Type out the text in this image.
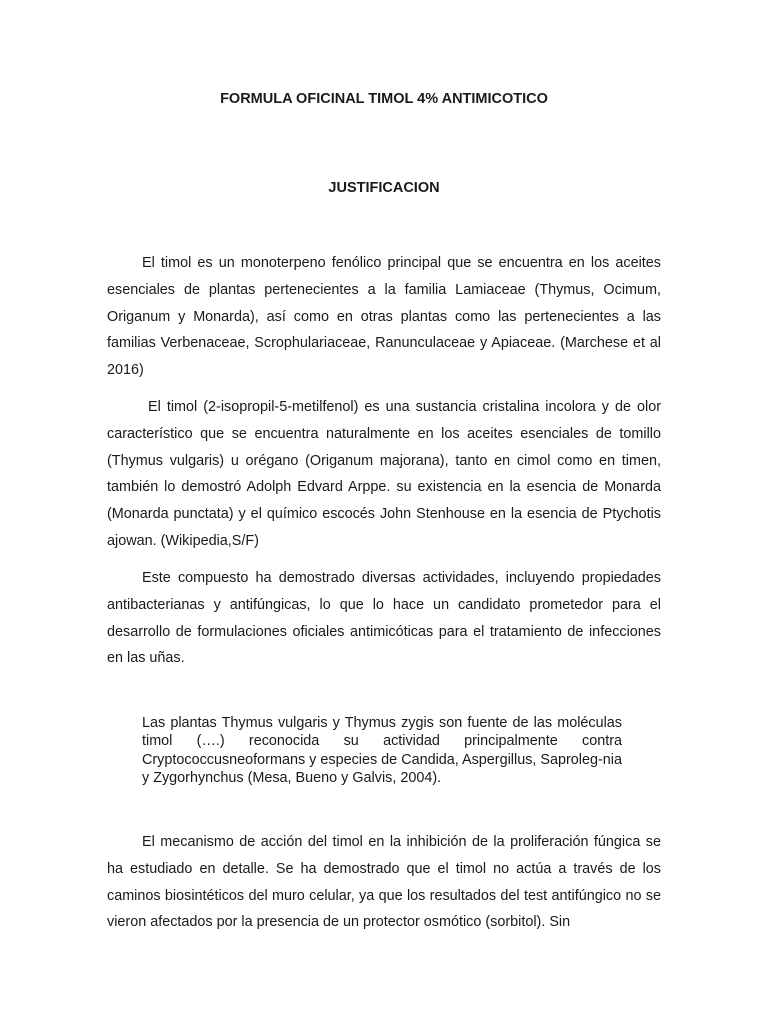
FORMULA OFICINAL TIMOL 4% ANTIMICOTICO
JUSTIFICACION

El timol es un monoterpeno fenólico principal que se encuentra en los aceites esenciales de plantas pertenecientes a la familia Lamiaceae (Thymus, Ocimum, Origanum y Monarda), así como en otras plantas como las pertenecientes a las familias Verbenaceae, Scrophulariaceae, Ranunculaceae y Apiaceae. (Marchese et al 2016)

El timol (2-isopropil-5-metilfenol) es una sustancia cristalina incolora y de olor característico que se encuentra naturalmente en los aceites esenciales de tomillo (Thymus vulgaris) u orégano (Origanum majorana), tanto en cimol como en timen, también lo demostró Adolph Edvard Arppe. su existencia en la esencia de Monarda (Monarda punctata) y el químico escocés John Stenhouse en la esencia de Ptychotis ajowan. (Wikipedia,S/F)

Este compuesto ha demostrado diversas actividades, incluyendo propiedades antibacterianas y antifúngicas, lo que lo hace un candidato prometedor para el desarrollo de formulaciones oficiales antimicóticas para el tratamiento de infecciones en las uñas.

Las plantas Thymus vulgaris y Thymus zygis son fuente de las moléculas timol (….) reconocida su actividad principalmente contra Cryptococcusneoformans y especies de Candida, Aspergillus, Saproleg-nia y Zygorhynchus (Mesa, Bueno y Galvis, 2004).

El mecanismo de acción del timol en la inhibición de la proliferación fúngica se ha estudiado en detalle. Se ha demostrado que el timol no actúa a través de los caminos biosintéticos del muro celular, ya que los resultados del test antifúngico no se vieron afectados por la presencia de un protector osmótico (sorbitol). Sin
